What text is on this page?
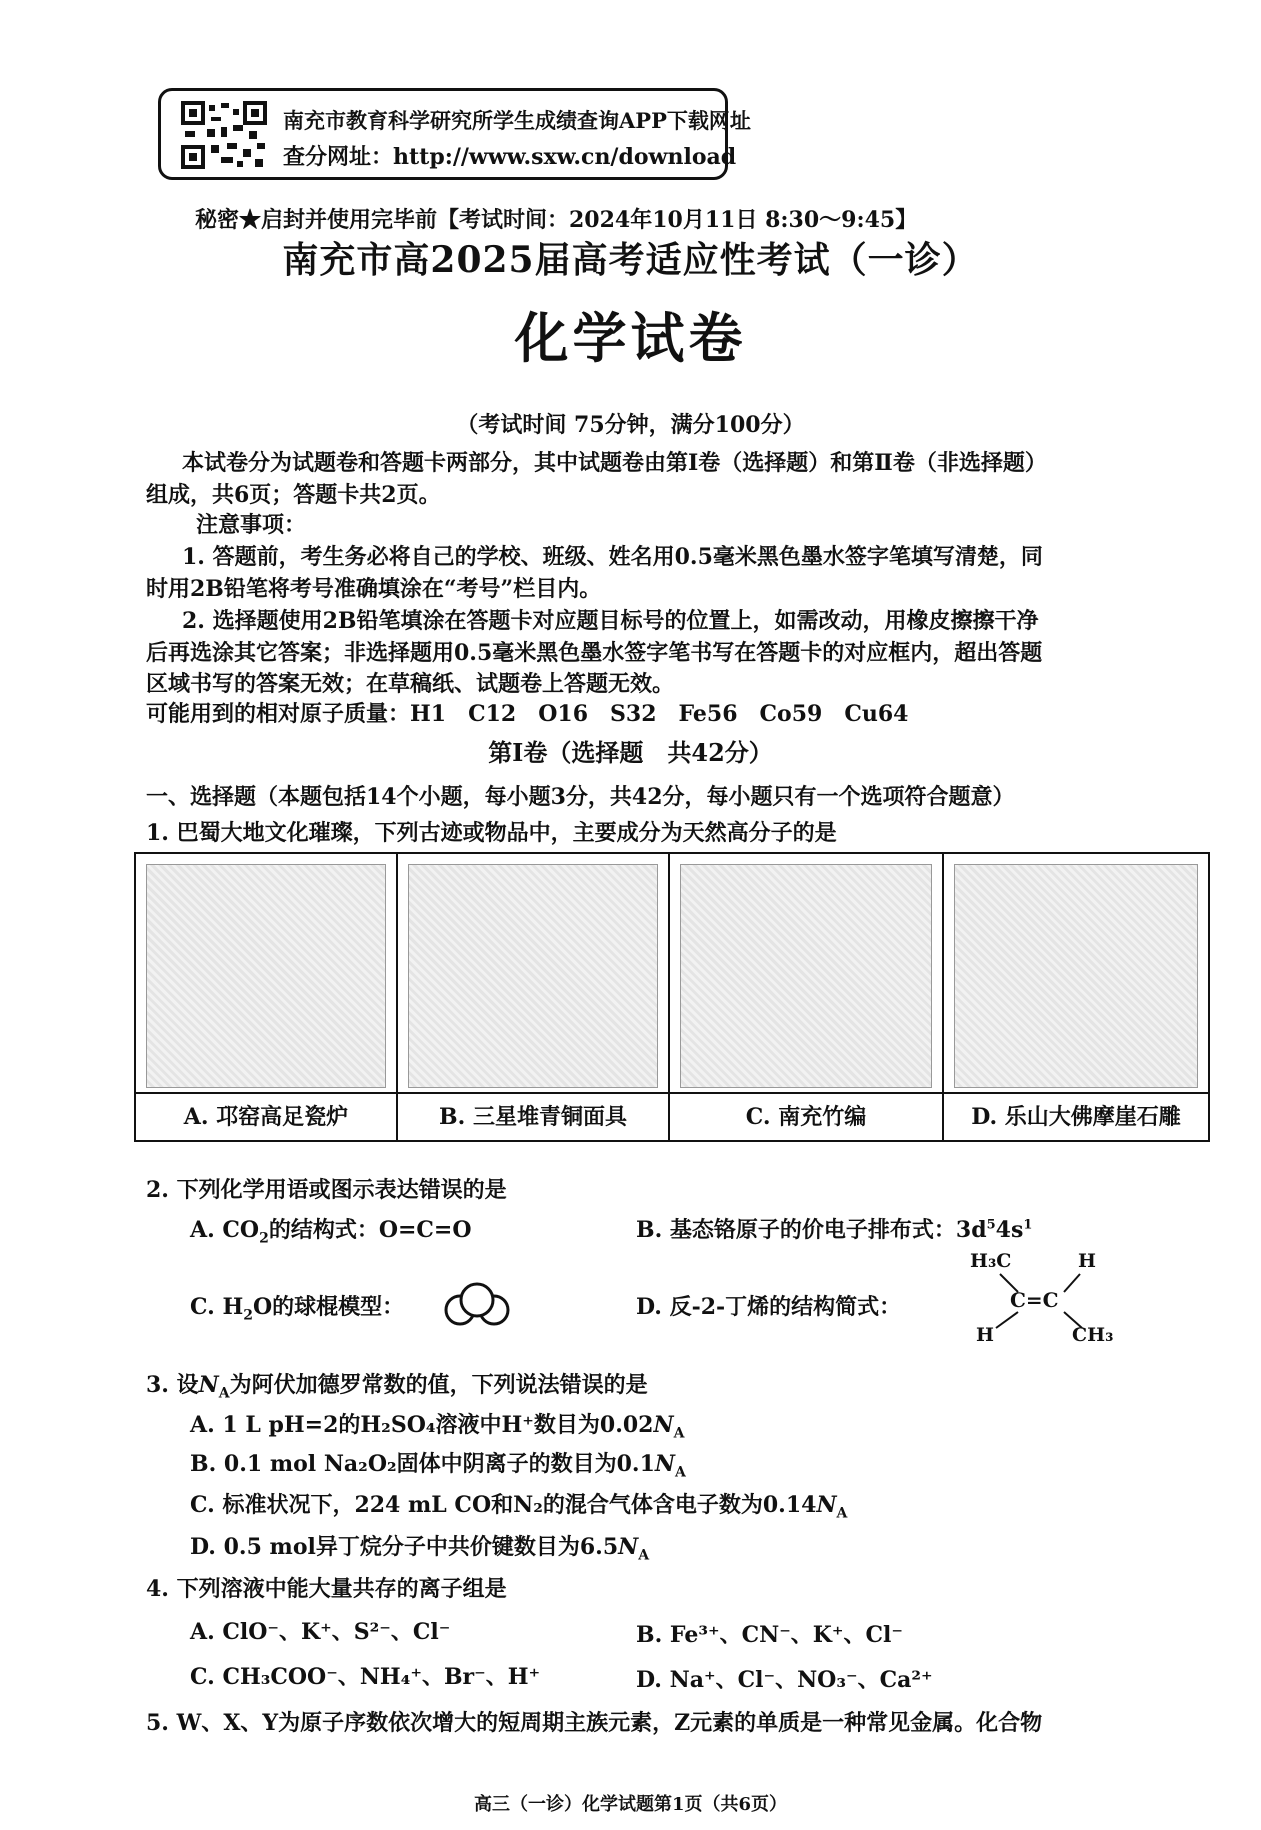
南充市教育科学研究所学生成绩查询APP下载网址
查分网址：http://www.sxw.cn/download
秘密★启封并使用完毕前【考试时间：2024年10月11日 8:30～9:45】
南充市高2025届高考适应性考试（一诊）
化学试卷
（考试时间 75分钟，满分100分）
本试卷分为试题卷和答题卡两部分，其中试题卷由第Ⅰ卷（选择题）和第Ⅱ卷（非选择题）
组成，共6页；答题卡共2页。
注意事项：
1. 答题前，考生务必将自己的学校、班级、姓名用0.5毫米黑色墨水签字笔填写清楚，同
时用2B铅笔将考号准确填涂在“考号”栏目内。
2. 选择题使用2B铅笔填涂在答题卡对应题目标号的位置上，如需改动，用橡皮擦擦干净
后再选涂其它答案；非选择题用0.5毫米黑色墨水签字笔书写在答题卡的对应框内，超出答题
区域书写的答案无效；在草稿纸、试题卷上答题无效。
可能用到的相对原子质量：H1　C12　O16　S32　Fe56　Co59　Cu64
第Ⅰ卷（选择题　共42分）
一、选择题（本题包括14个小题，每小题3分，共42分，每小题只有一个选项符合题意）
1. 巴蜀大地文化璀璨，下列古迹或物品中，主要成分为天然高分子的是
A. 邛窑高足瓷炉	B. 三星堆青铜面具	C. 南充竹编	D. 乐山大佛摩崖石雕
2. 下列化学用语或图示表达错误的是
A. $CO_2$的结构式：O=C=O	B. 基态铬原子的价电子排布式：$3d^54s^1$
C. $H_2O$的球棍模型：	D. 反-2-丁烯的结构简式：
H₃C	H
C=C
H	CH₃
3. 设$N_A$为阿伏加德罗常数的值，下列说法错误的是
A. 1 L pH=2的H₂SO₄溶液中H⁺数目为$0.02N_A$
B. 0.1 mol Na₂O₂固体中阴离子的数目为$0.1N_A$
C. 标准状况下，224 mL CO和N₂的混合气体含电子数为$0.14N_A$
D. 0.5 mol异丁烷分子中共价键数目为$6.5N_A$
4. 下列溶液中能大量共存的离子组是
A. ClO⁻、K⁺、S²⁻、Cl⁻	B. Fe³⁺、CN⁻、K⁺、Cl⁻
C. CH₃COO⁻、NH₄⁺、Br⁻、H⁺	D. Na⁺、Cl⁻、NO₃⁻、Ca²⁺
5. W、X、Y为原子序数依次增大的短周期主族元素，Z元素的单质是一种常见金属。化合物
高三（一诊）化学试题第1页（共6页）
